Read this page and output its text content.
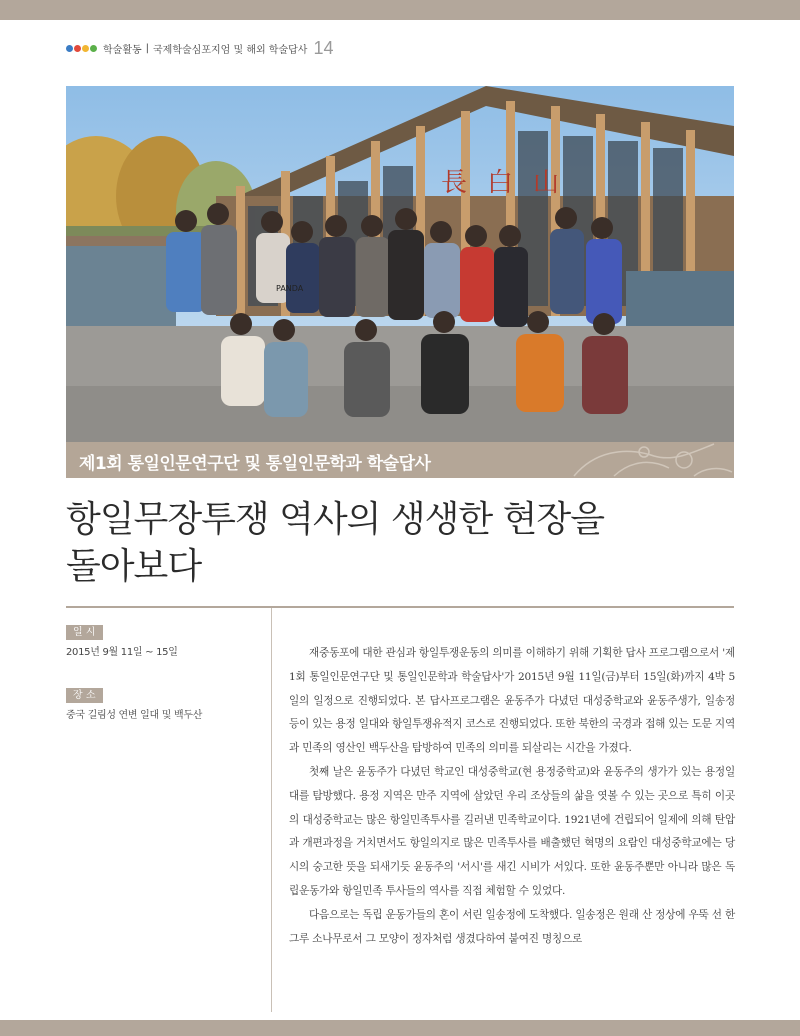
학술활동 | 국제학술심포지엄 및 해외 학술답사 14
長白山
PANDA
제1회 통일인문연구단 및 통일인문학과 학술답사
항일무장투쟁 역사의 생생한 현장을
돌아보다
일 시
2015년 9월 11일 ~ 15일
장 소
중국 길림성 연변 일대 및 백두산

재중동포에 대한 관심과 항일투쟁운동의 의미를 이해하기 위해 기획한 답사 프로그램으로서 '제1회 통일인문연구단 및 통일인문학과 학술답사'가 2015년 9월 11일(금)부터 15일(화)까지 4박 5일의 일정으로 진행되었다. 본 답사프로그램은 윤동주가 다녔던 대성중학교와 윤동주생가, 일송정 등이 있는 용정 일대와 항일투쟁유적지 코스로 진행되었다. 또한 북한의 국경과 접해 있는 도문 지역과 민족의 영산인 백두산을 탐방하여 민족의 의미를 되살리는 시간을 가졌다.

첫째 날은 윤동주가 다녔던 학교인 대성중학교(현 용정중학교)와 윤동주의 생가가 있는 용정일대를 탐방했다. 용정 지역은 만주 지역에 살았던 우리 조상들의 삶을 엿볼 수 있는 곳으로 특히 이곳의 대성중학교는 많은 항일민족투사를 길러낸 민족학교이다. 1921년에 건립되어 일제에 의해 탄압과 개편과정을 거치면서도 항일의지로 많은 민족투사를 배출했던 혁명의 요람인 대성중학교에는 당시의 숭고한 뜻을 되새기듯 윤동주의 '서시'를 새긴 시비가 서있다. 또한 윤동주뿐만 아니라 많은 독립운동가와 항일민족 투사들의 역사를 직접 체험할 수 있었다.

다음으로는 독립 운동가들의 혼이 서린 일송정에 도착했다. 일송정은 원래 산 정상에 우뚝 선 한 그루 소나무로서 그 모양이 정자처럼 생겼다하여 붙여진 명칭으로
